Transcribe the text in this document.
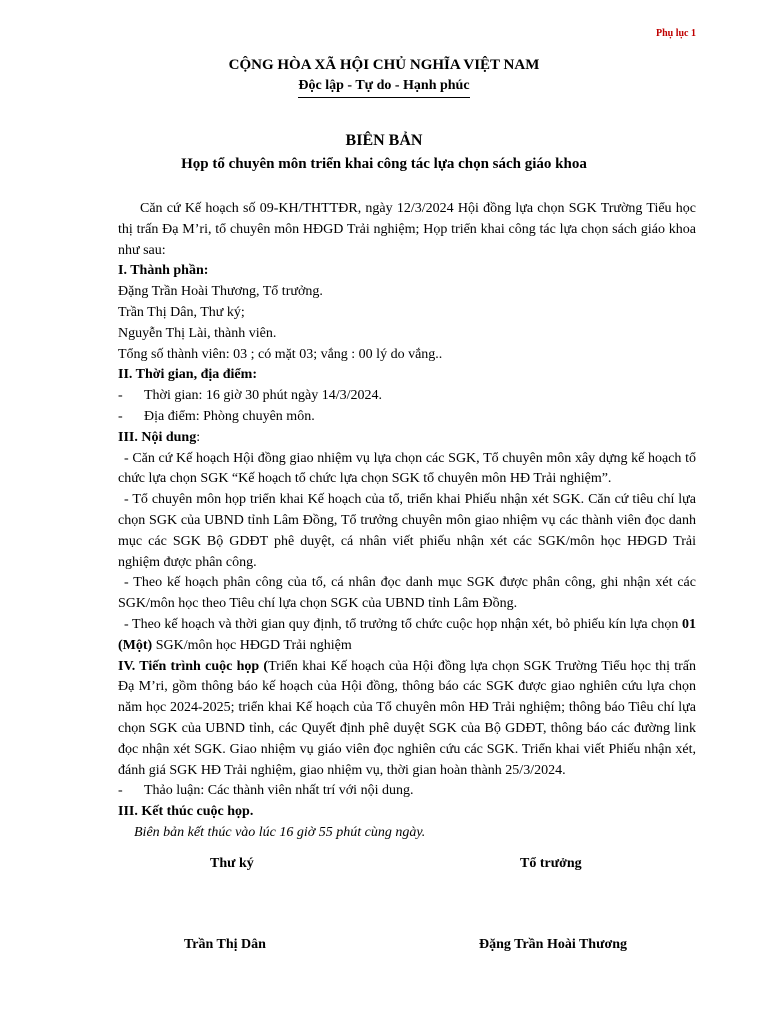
Phụ lục 1
CỘNG HÒA XÃ HỘI CHỦ NGHĨA VIỆT NAM
Độc lập - Tự do - Hạnh phúc
BIÊN BẢN
Họp tổ chuyên môn triển khai công tác lựa chọn sách giáo khoa

Căn cứ Kế hoạch số 09-KH/THTTĐR, ngày 12/3/2024 Hội đồng lựa chọn SGK Trường Tiểu học thị trấn Đạ M’ri, tổ chuyên môn HĐGD Trải nghiệm; Họp triển khai công tác lựa chọn sách giáo khoa như sau:

I. Thành phần:

Đặng Trần Hoài Thương, Tổ trưởng.

Trần Thị Dân, Thư ký;

Nguyễn Thị Lài, thành viên.

Tổng số thành viên: 03 ; có mặt 03; vắng : 00 lý do vắng..

II. Thời gian, địa điểm:

-	Thời gian: 16 giờ 30 phút ngày 14/3/2024.
-	Địa điểm: Phòng chuyên môn.

III. Nội dung:

- Căn cứ Kế hoạch Hội đồng giao nhiệm vụ lựa chọn các SGK, Tổ chuyên môn xây dựng kế hoạch tổ chức lựa chọn SGK “Kế hoạch tổ chức lựa chọn SGK tổ chuyên môn HĐ Trải nghiệm”.

- Tổ chuyên môn họp triển khai Kế hoạch của tổ, triển khai Phiếu nhận xét SGK. Căn cứ tiêu chí lựa chọn SGK của UBND tỉnh Lâm Đồng, Tổ trưởng chuyên môn giao nhiệm vụ các thành viên đọc danh mục các SGK Bộ GDĐT phê duyệt, cá nhân viết phiếu nhận xét các SGK/môn học HĐGD Trải nghiệm được phân công.

- Theo kế hoạch phân công của tổ, cá nhân đọc danh mục SGK được phân công, ghi nhận xét các SGK/môn học theo Tiêu chí lựa chọn SGK của UBND tỉnh Lâm Đồng.

- Theo kế hoạch và thời gian quy định, tổ trưởng tổ chức cuộc họp nhận xét, bỏ phiếu kín lựa chọn 01 (Một) SGK/môn học HĐGD Trải nghiệm

IV. Tiến trình cuộc họp (Triển khai Kế hoạch của Hội đồng lựa chọn SGK Trường Tiểu học thị trấn Đạ M’ri, gồm thông báo kế hoạch của Hội đồng, thông báo các SGK được giao nghiên cứu lựa chọn năm học 2024-2025; triển khai Kế hoạch của Tổ chuyên môn HĐ Trải nghiệm; thông báo Tiêu chí lựa chọn SGK của UBND tỉnh, các Quyết định phê duyệt SGK của Bộ GDĐT, thông báo các đường link đọc nhận xét SGK. Giao nhiệm vụ giáo viên đọc nghiên cứu các SGK. Triển khai viết Phiếu nhận xét, đánh giá SGK HĐ Trải nghiệm, giao nhiệm vụ, thời gian hoàn thành 25/3/2024.

-	Thảo luận: Các thành viên nhất trí với nội dung.

III. Kết thúc cuộc họp.

Biên bản kết thúc vào lúc 16 giờ 55 phút cùng ngày.

Thư ký	Tổ trưởng
Trần Thị Dân	Đặng Trần Hoài Thương
